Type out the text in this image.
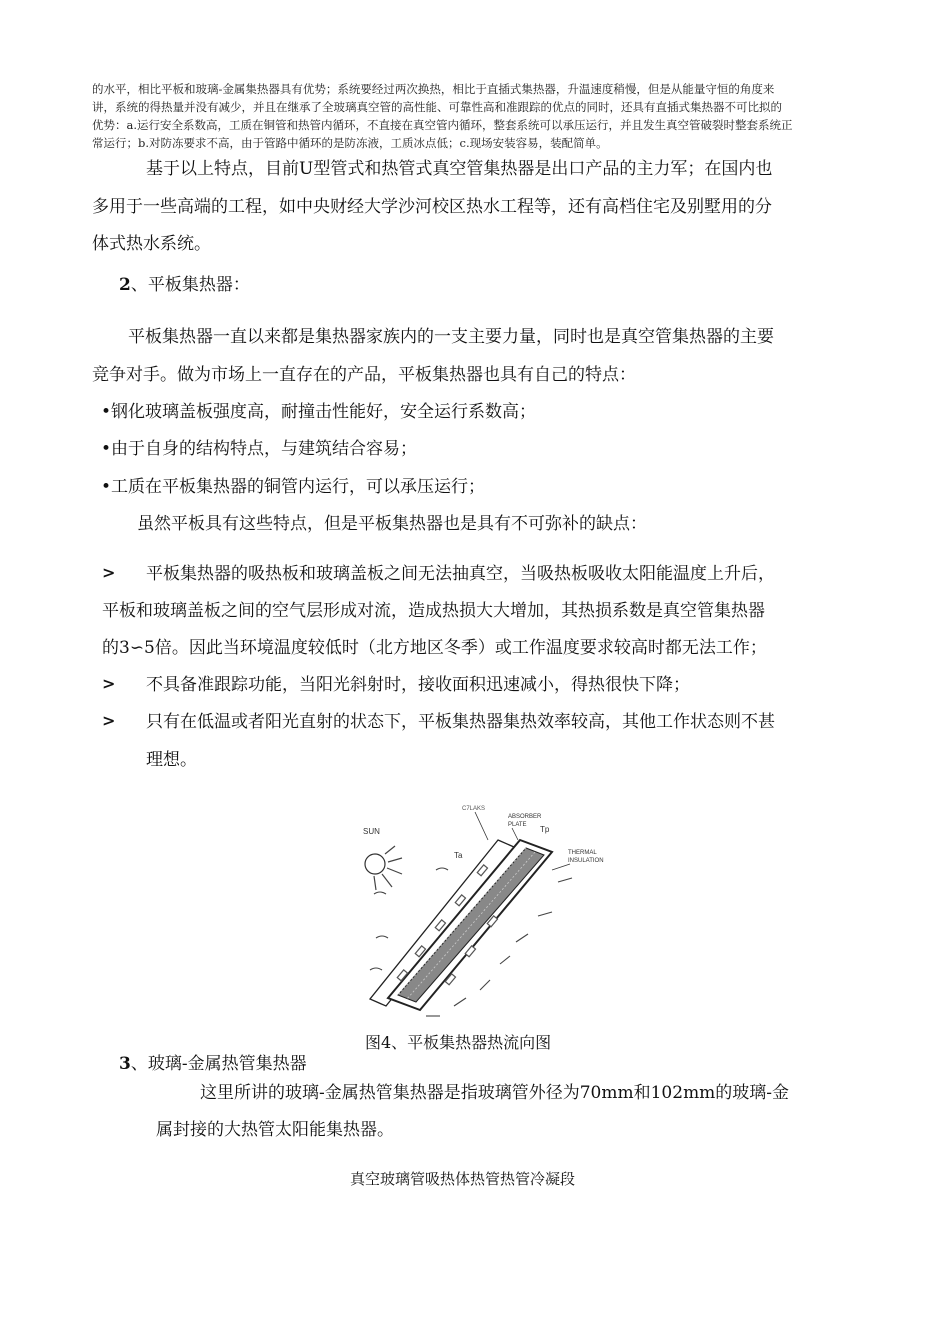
的水平，相比平板和玻璃-金属集热器具有优势；系统要经过两次换热，相比于直插式集热器，升温速度稍慢，但是从能量守恒的角度来
讲，系统的得热量并没有减少，并且在继承了全玻璃真空管的高性能、可靠性高和准跟踪的优点的同时，还具有直插式集热器不可比拟的
优势：a.运行安全系数高，工质在铜管和热管内循环，不直接在真空管内循环，整套系统可以承压运行，并且发生真空管破裂时整套系统正
常运行；b.对防冻要求不高，由于管路中循环的是防冻液，工质冰点低；c.现场安装容易，装配简单。
基于以上特点，目前U型管式和热管式真空管集热器是出口产品的主力军；在国内也
多用于一些高端的工程，如中央财经大学沙河校区热水工程等，还有高档住宅及别墅用的分
体式热水系统。
2、平板集热器：
平板集热器一直以来都是集热器家族内的一支主要力量，同时也是真空管集热器的主要
竞争对手。做为市场上一直存在的产品，平板集热器也具有自己的特点：
•钢化玻璃盖板强度高，耐撞击性能好，安全运行系数高；
•由于自身的结构特点，与建筑结合容易；
•工质在平板集热器的铜管内运行，可以承压运行；
虽然平板具有这些特点，但是平板集热器也是具有不可弥补的缺点：
> 平板集热器的吸热板和玻璃盖板之间无法抽真空，当吸热板吸收太阳能温度上升后，
平板和玻璃盖板之间的空气层形成对流，造成热损大大增加，其热损系数是真空管集热器
的3∽5倍。因此当环境温度较低时（北方地区冬季）或工作温度要求较高时都无法工作；
> 不具备准跟踪功能，当阳光斜射时，接收面积迅速减小，得热很快下降；
> 只有在低温或者阳光直射的状态下，平板集热器集热效率较高，其他工作状态则不甚
理想。
SUN
C7LAKS
ABSORBER
PLATE Tp
Ta	THERMAL
INSULATION
图4、平板集热器热流向图
3、玻璃-金属热管集热器
这里所讲的玻璃-金属热管集热器是指玻璃管外径为70mm和102mm的玻璃-金
属封接的大热管太阳能集热器。
真空玻璃管吸热体热管热管冷凝段
